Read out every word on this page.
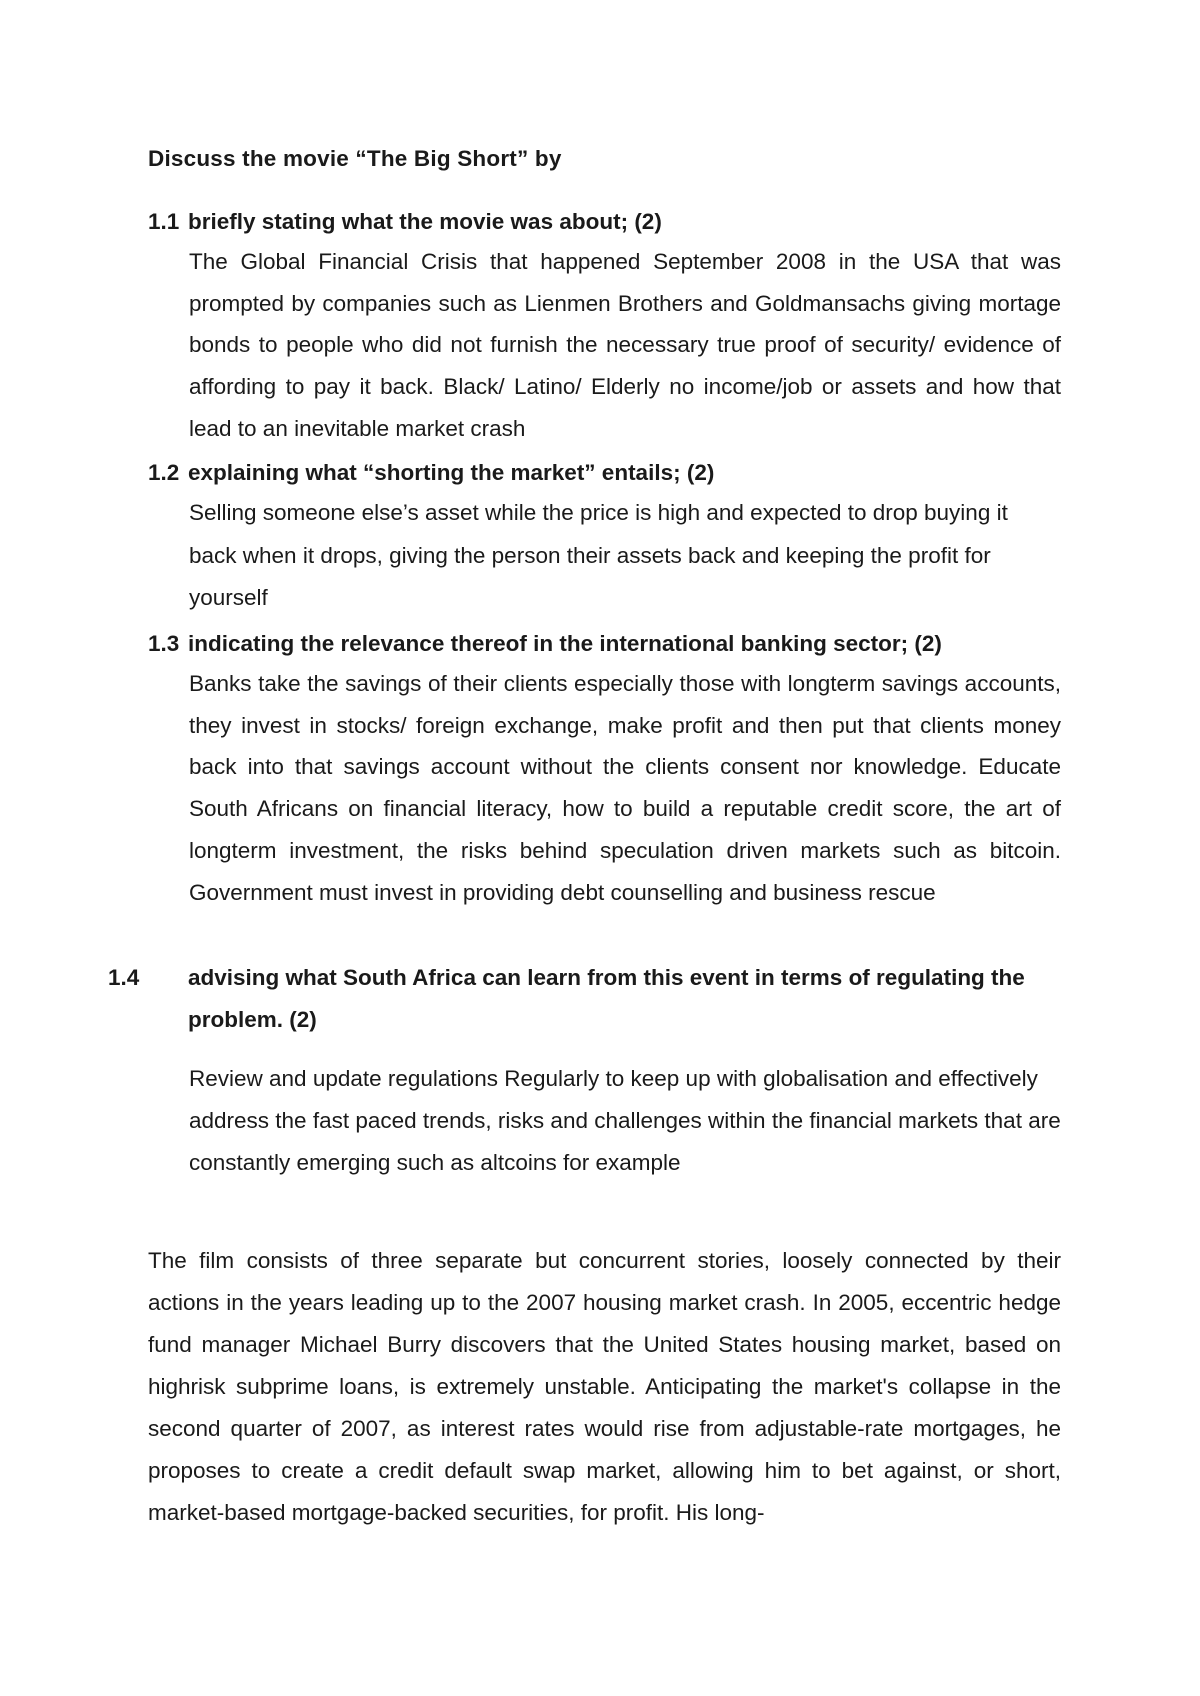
Discuss the movie “The Big Short” by

1.1 briefly stating what the movie was about; (2)

The Global Financial Crisis that happened September 2008 in the USA that was prompted by companies such as Lienmen Brothers and Goldmansachs giving mortage bonds to people who did not furnish the necessary true proof of security/ evidence of affording to pay it back. Black/ Latino/ Elderly no income/job or assets and how that lead to an inevitable market crash

1.2 explaining what “shorting the market” entails; (2)

Selling someone else’s asset while the price is high and expected to drop buying it back when it drops, giving the person their assets back and keeping the profit for yourself

1.3 indicating the relevance thereof in the international banking sector; (2)

Banks take the savings of their clients especially those with longterm savings accounts, they invest in stocks/ foreign exchange, make profit and then put that clients money back into that savings account without the clients consent nor knowledge. Educate South Africans on financial literacy, how to build a reputable credit score, the art of longterm investment, the risks behind speculation driven markets such as bitcoin. Government must invest in providing debt counselling and business rescue

1.4 advising what South Africa can learn from this event in terms of regulating the problem. (2)

Review and update regulations Regularly to keep up with globalisation and effectively address the fast paced trends, risks and challenges within the financial markets that are constantly emerging such as altcoins for example

The film consists of three separate but concurrent stories, loosely connected by their actions in the years leading up to the 2007 housing market crash. In 2005, eccentric hedge fund manager Michael Burry discovers that the United States housing market, based on highrisk subprime loans, is extremely unstable. Anticipating the market's collapse in the second quarter of 2007, as interest rates would rise from adjustable-rate mortgages, he proposes to create a credit default swap market, allowing him to bet against, or short, market-based mortgage-backed securities, for profit. His long-
